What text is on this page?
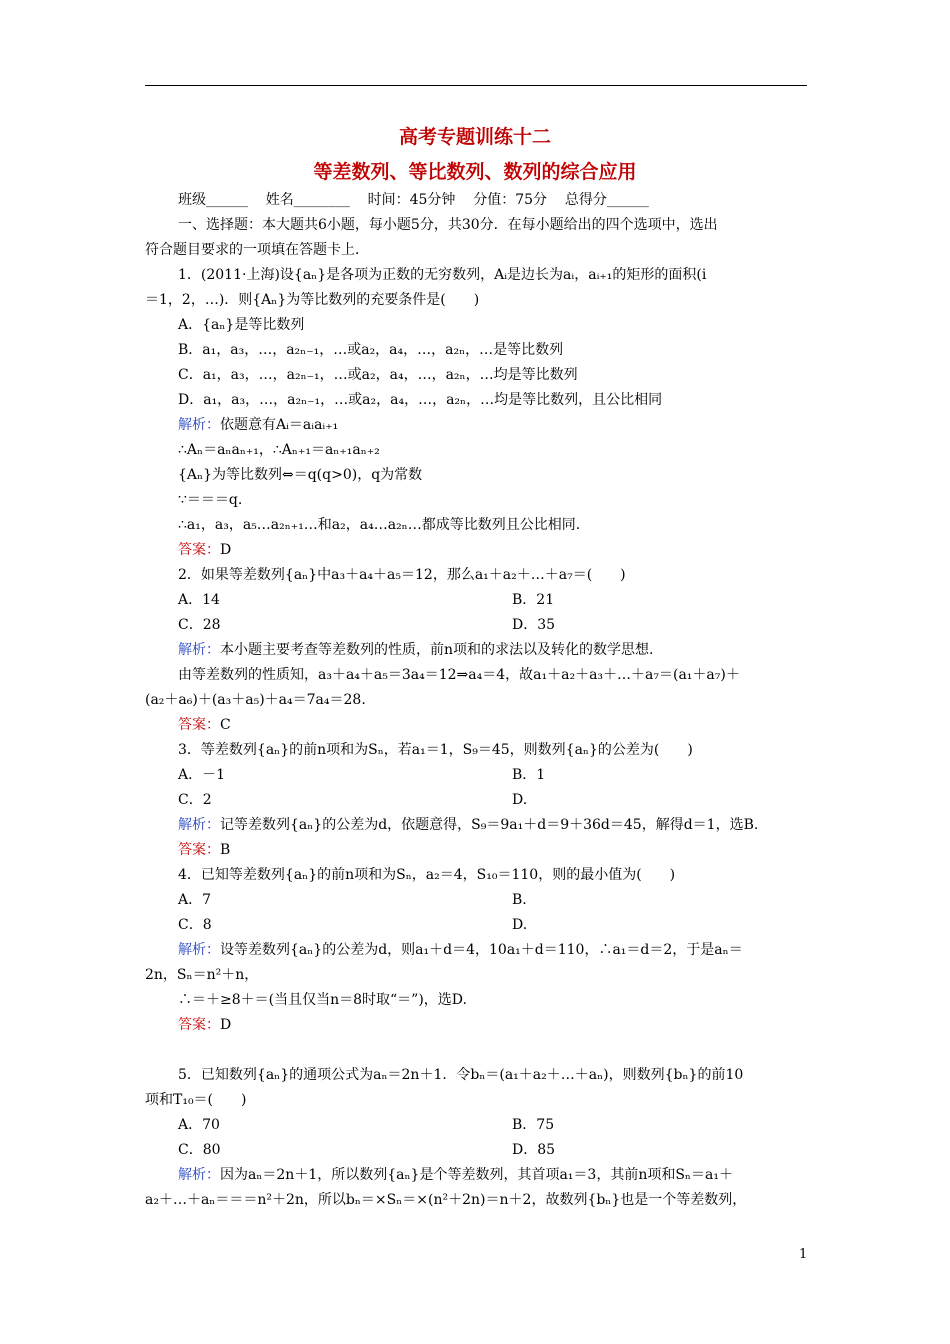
高考专题训练十二
等差数列、等比数列、数列的综合应用
班级______    姓名________    时间：45分钟    分值：75分    总得分______
一、选择题：本大题共6小题，每小题5分，共30分．在每小题给出的四个选项中，选出
符合题目要求的一项填在答题卡上．
1．(2011·上海)设{aₙ}是各项为正数的无穷数列，Aᵢ是边长为aᵢ，aᵢ₊₁的矩形的面积(i
＝1，2，…)．则{Aₙ}为等比数列的充要条件是(　　)
A．{aₙ}是等比数列
B．a₁，a₃，…，a₂ₙ₋₁，…或a₂，a₄，…，a₂ₙ，…是等比数列
C．a₁，a₃，…，a₂ₙ₋₁，…或a₂，a₄，…，a₂ₙ，…均是等比数列
D．a₁，a₃，…，a₂ₙ₋₁，…或a₂，a₄，…，a₂ₙ，…均是等比数列，且公比相同
解析：依题意有Aᵢ＝aᵢaᵢ₊₁
∴Aₙ＝aₙaₙ₊₁，∴Aₙ₊₁＝aₙ₊₁aₙ₊₂
{Aₙ}为等比数列⇔＝q(q>0)，q为常数
∵＝＝＝q.
∴a₁，a₃，a₅…a₂ₙ₊₁…和a₂，a₄…a₂ₙ…都成等比数列且公比相同.
答案：D
2．如果等差数列{aₙ}中a₃＋a₄＋a₅＝12，那么a₁＋a₂＋…＋a₇＝(　　)
A．14	B．21
C．28	D．35
解析：本小题主要考查等差数列的性质，前n项和的求法以及转化的数学思想.
由等差数列的性质知，a₃＋a₄＋a₅＝3a₄＝12⇒a₄＝4，故a₁＋a₂＋a₃＋…＋a₇＝(a₁＋a₇)＋
(a₂＋a₆)＋(a₃＋a₅)＋a₄＝7a₄＝28.
答案：C
3．等差数列{aₙ}的前n项和为Sₙ，若a₁＝1，S₉＝45，则数列{aₙ}的公差为(　　)
A．－1	B．1
C．2	D.
解析：记等差数列{aₙ}的公差为d，依题意得，S₉＝9a₁＋d＝9＋36d＝45，解得d＝1，选B.
答案：B
4．已知等差数列{aₙ}的前n项和为Sₙ，a₂＝4，S₁₀＝110，则的最小值为(　　)
A．7	B.
C．8	D.
解析：设等差数列{aₙ}的公差为d，则a₁＋d＝4，10a₁＋d＝110，∴a₁＝d＝2，于是aₙ＝
2n，Sₙ＝n²＋n，
∴＝＋≥8＋＝(当且仅当n＝8时取“＝”)，选D.
答案：D
5．已知数列{aₙ}的通项公式为aₙ＝2n＋1．令bₙ＝(a₁＋a₂＋…＋aₙ)，则数列{bₙ}的前10
项和T₁₀＝(　　)
A．70	B．75
C．80	D．85
解析：因为aₙ＝2n＋1，所以数列{aₙ}是个等差数列，其首项a₁＝3，其前n项和Sₙ＝a₁＋
a₂＋…＋aₙ＝＝＝n²＋2n，所以bₙ＝×Sₙ＝×(n²＋2n)＝n＋2，故数列{bₙ}也是一个等差数列，
1
